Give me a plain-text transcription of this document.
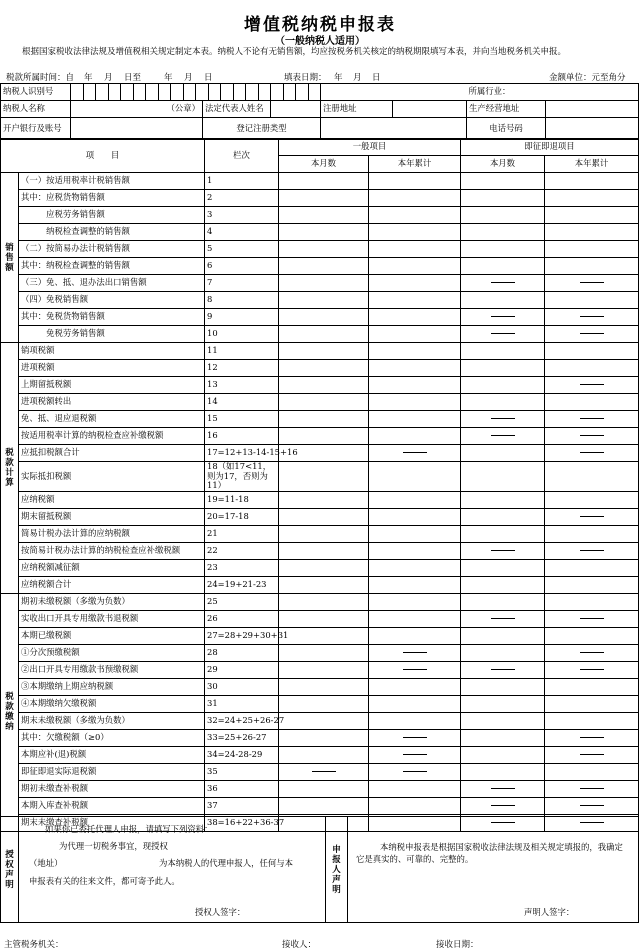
增值税纳税申报表
（一般纳税人适用）
根据国家税收法律法规及增值税相关规定制定本表。纳税人不论有无销售额，均应按税务机关核定的纳税期限填写本表，并向当地税务机关申报。
税款所属时间：自 年 月 日至	年 月 日	填表日期： 年 月 日	金额单位：元至角分
纳税人识别号						所属行业：	
纳税人名称	（公章）	法定代表人姓名		注册地址		生产经营地址	
开户银行及账号		登记注册类型				电话号码	
项　　目		栏次	一般项目		即征即退项目	
			本月数	本年累计	本月数	本年累计

销售额	（一）按适用税率计税销售额	1				
	其中：应税货物销售额	2				
	　　　应税劳务销售额	3				
	　　　纳税检查调整的销售额	4				
	（二）按简易办法计税销售额	5				
	其中：纳税检查调整的销售额	6				
	（三）免、抵、退办法出口销售额	7				
	（四）免税销售额	8				
	其中：免税货物销售额	9				
	　　　免税劳务销售额	10				

税款计算	销项税额	11				
	进项税额	12				
	上期留抵税额	13				
	进项税额转出	14				
	免、抵、退应退税额	15				
	按适用税率计算的纳税检查应补缴税额	16				
	应抵扣税额合计	17=12+13-14-15+16				
	实际抵扣税额	18（如17<11，则为17，否则为11）				
	应纳税额	19=11-18				
	期末留抵税额	20=17-18				
	简易计税办法计算的应纳税额	21				
	按简易计税办法计算的纳税检查应补缴税额	22				
	应纳税额减征额	23				
	应纳税额合计	24=19+21-23				

税款缴纳	期初未缴税额（多缴为负数）	25				
	实收出口开具专用缴款书退税额	26				
	本期已缴税额	27=28+29+30+31				
	①分次预缴税额	28				
	②出口开具专用缴款书预缴税额	29				
	③本期缴纳上期应纳税额	30				
	④本期缴纳欠缴税额	31				
	期末未缴税额（多缴为负数）	32=24+25+26-27				
	其中：欠缴税额（≥0）	33=25+26-27				
	本期应补(退)税额	34=24-28-29				
	即征即退实际退税额	35				
	期初未缴查补税额	36				
	本期入库查补税额	37				
	期末未缴查补税额	38=16+22+36-37				
授权声明

如果你已委托代理人申报，请填写下列资料：
为代理一切税务事宜，现授权
（地址）	为本纳税人的代理申报人，任何与本
申报表有关的往来文件，都可寄予此人。
授权人签字：

申报人声明

本纳税申报表是根据国家税收法律法规及相关规定填报的，我确定它是真实的、可靠的、完整的。
声明人签字：
主管税务机关：	接收人：	接收日期：
